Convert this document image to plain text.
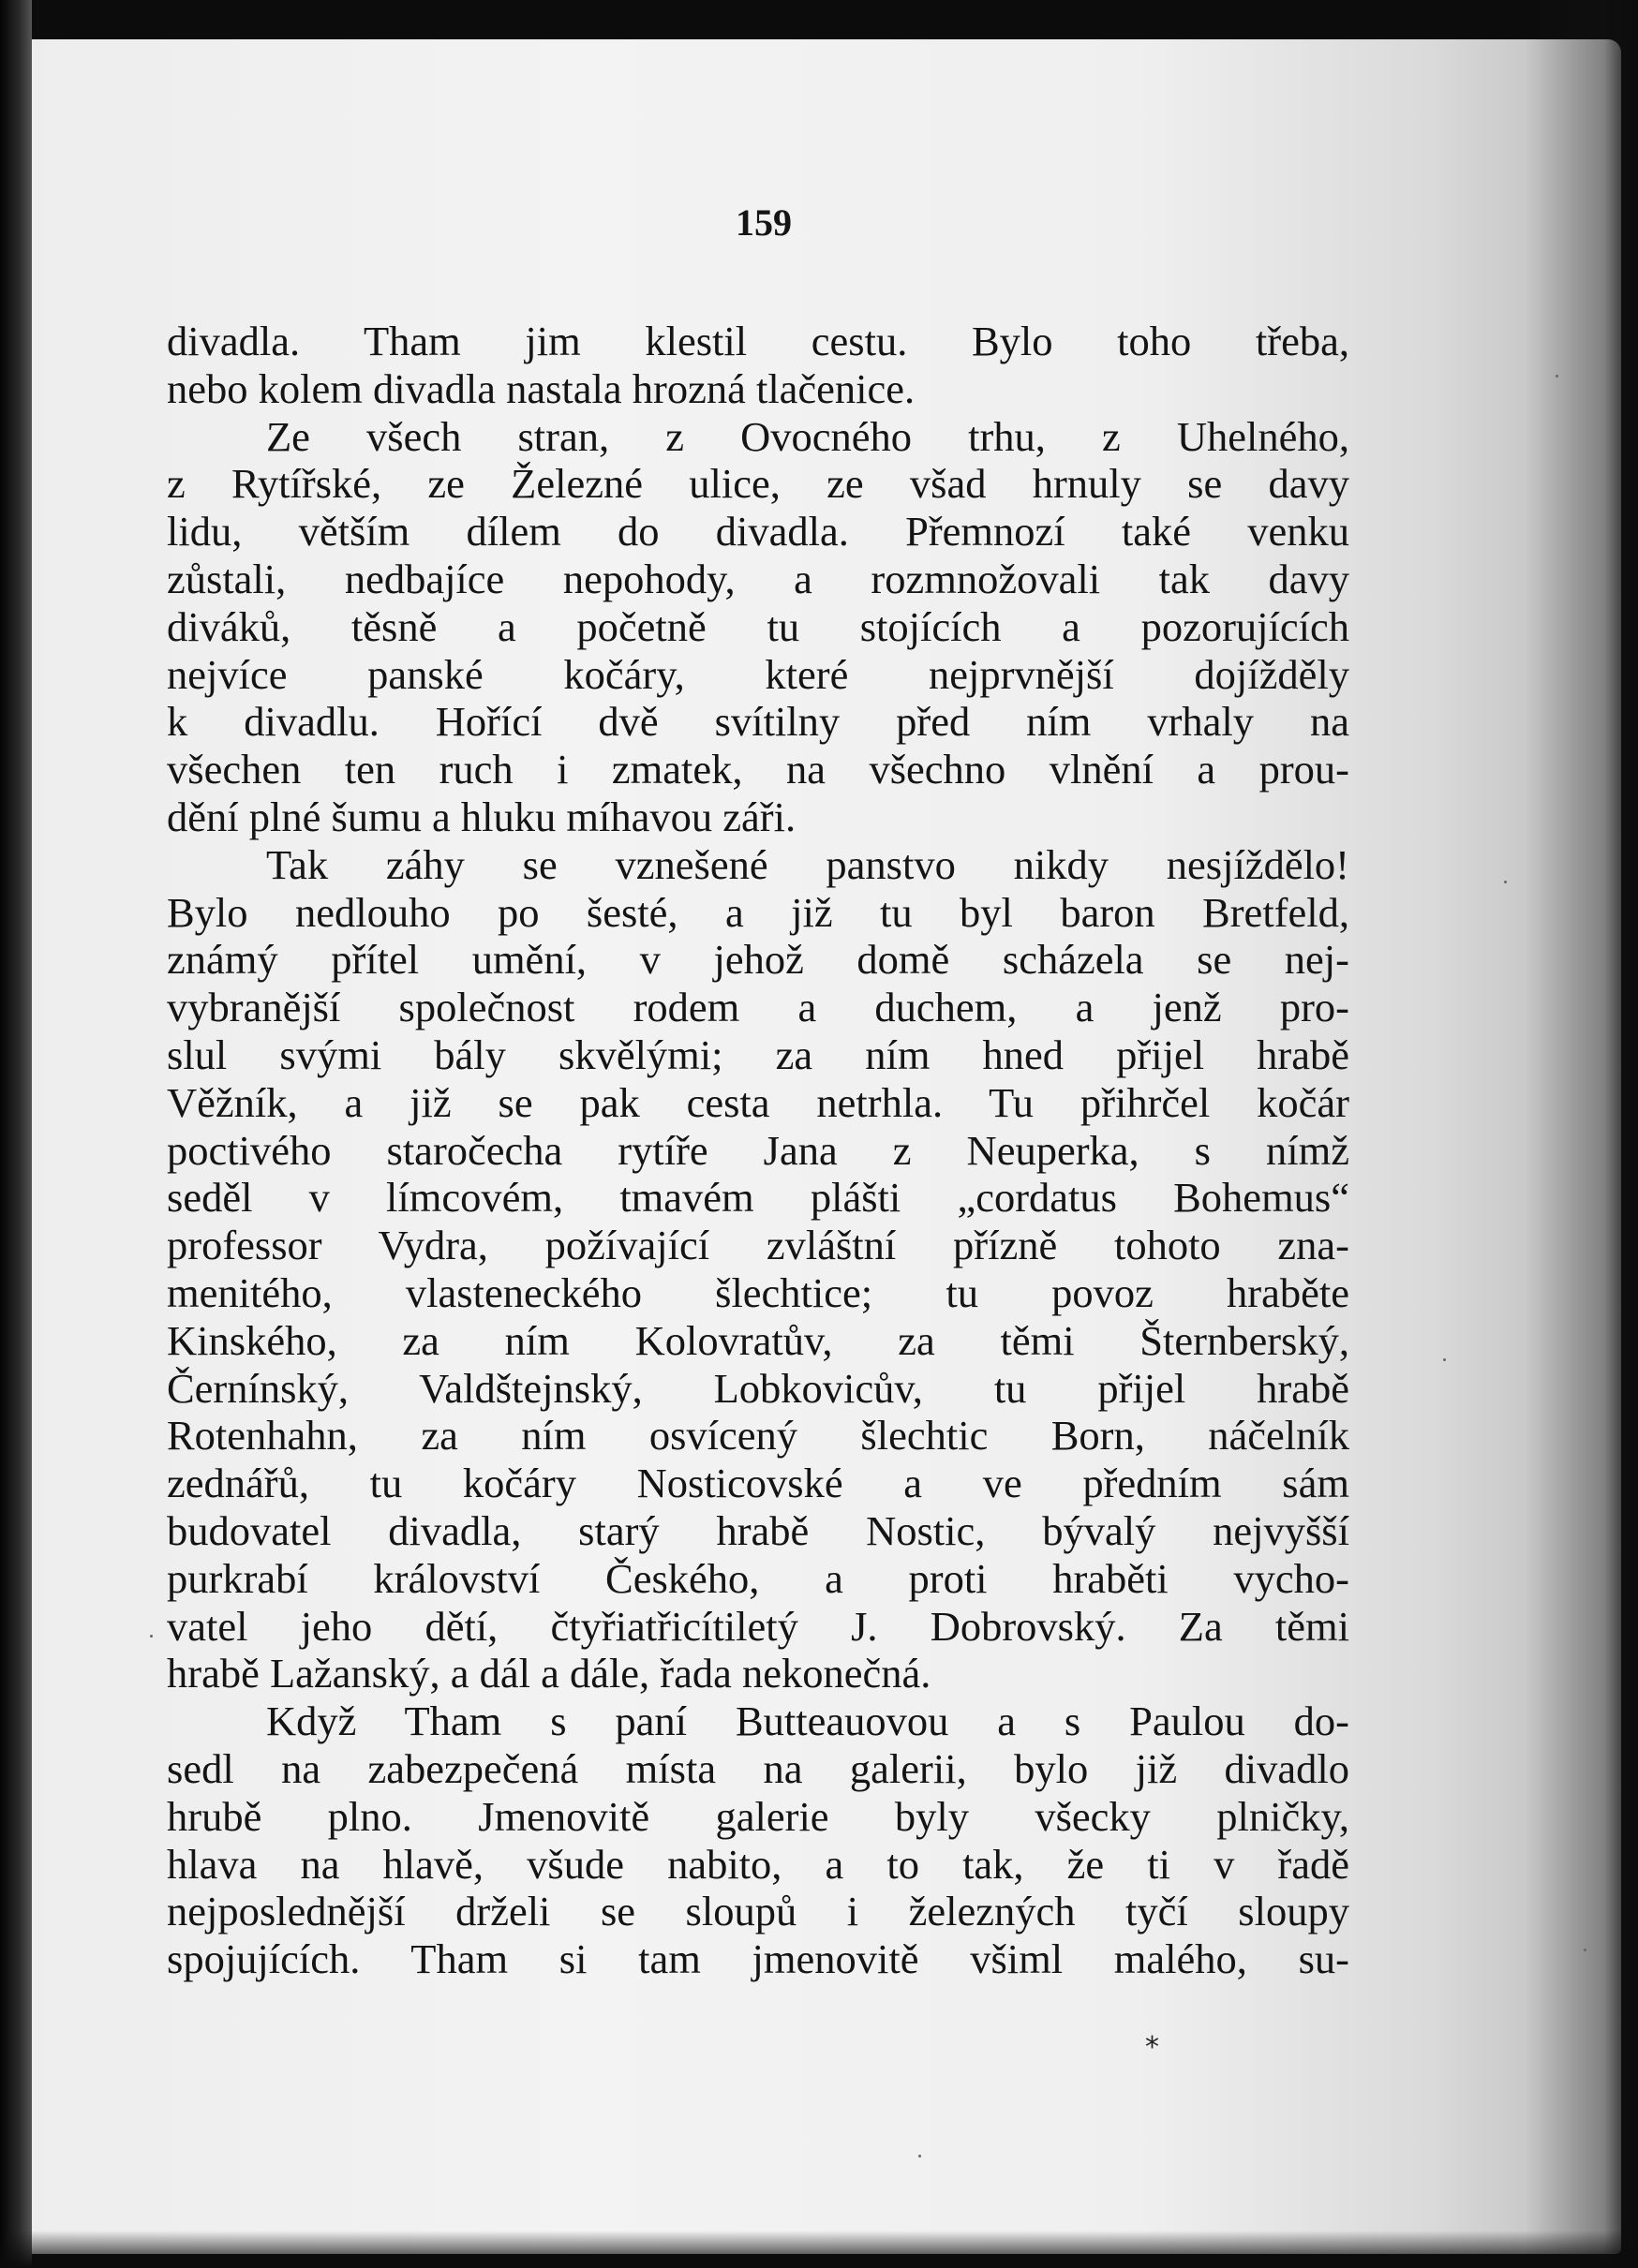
159
divadla. Tham jim klestil cestu. Bylo toho třeba,
nebo kolem divadla nastala hrozná tlačenice.
Ze všech stran, z Ovocného trhu, z Uhelného,
z Rytířské, ze Železné ulice, ze všad hrnuly se davy
lidu, větším dílem do divadla. Přemnozí také venku
zůstali, nedbajíce nepohody, a rozmnožovali tak davy
diváků, těsně a početně tu stojících a pozorujících
nejvíce panské kočáry, které nejprvnější dojížděly
k divadlu. Hořící dvě svítilny před ním vrhaly na
všechen ten ruch i zmatek, na všechno vlnění a prou-
dění plné šumu a hluku míhavou záři.
Tak záhy se vznešené panstvo nikdy nesjíždělo!
Bylo nedlouho po šesté, a již tu byl baron Bretfeld,
známý přítel umění, v jehož domě scházela se nej-
vybranější společnost rodem a duchem, a jenž pro-
slul svými bály skvělými; za ním hned přijel hrabě
Věžník, a již se pak cesta netrhla. Tu přihrčel kočár
poctivého staročecha rytíře Jana z Neuperka, s nímž
seděl v límcovém, tmavém plášti „cordatus Bohemus“
professor Vydra, požívající zvláštní přízně tohoto zna-
menitého, vlasteneckého šlechtice; tu povoz hraběte
Kinského, za ním Kolovratův, za těmi Šternberský,
Černínský, Valdštejnský, Lobkovicův, tu přijel hrabě
Rotenhahn, za ním osvícený šlechtic Born, náčelník
zednářů, tu kočáry Nosticovské a ve předním sám
budovatel divadla, starý hrabě Nostic, bývalý nejvyšší
purkrabí království Českého, a proti hraběti vycho-
vatel jeho dětí, čtyřiatřicítiletý J. Dobrovský. Za těmi
hrabě Lažanský, a dál a dále, řada nekonečná.
Když Tham s paní Butteauovou a s Paulou do-
sedl na zabezpečená místa na galerii, bylo již divadlo
hrubě plno. Jmenovitě galerie byly všecky plničky,
hlava na hlavě, všude nabito, a to tak, že ti v řadě
nejposlednější drželi se sloupů i železných tyčí sloupy
spojujících. Tham si tam jmenovitě všiml malého, su-
*
